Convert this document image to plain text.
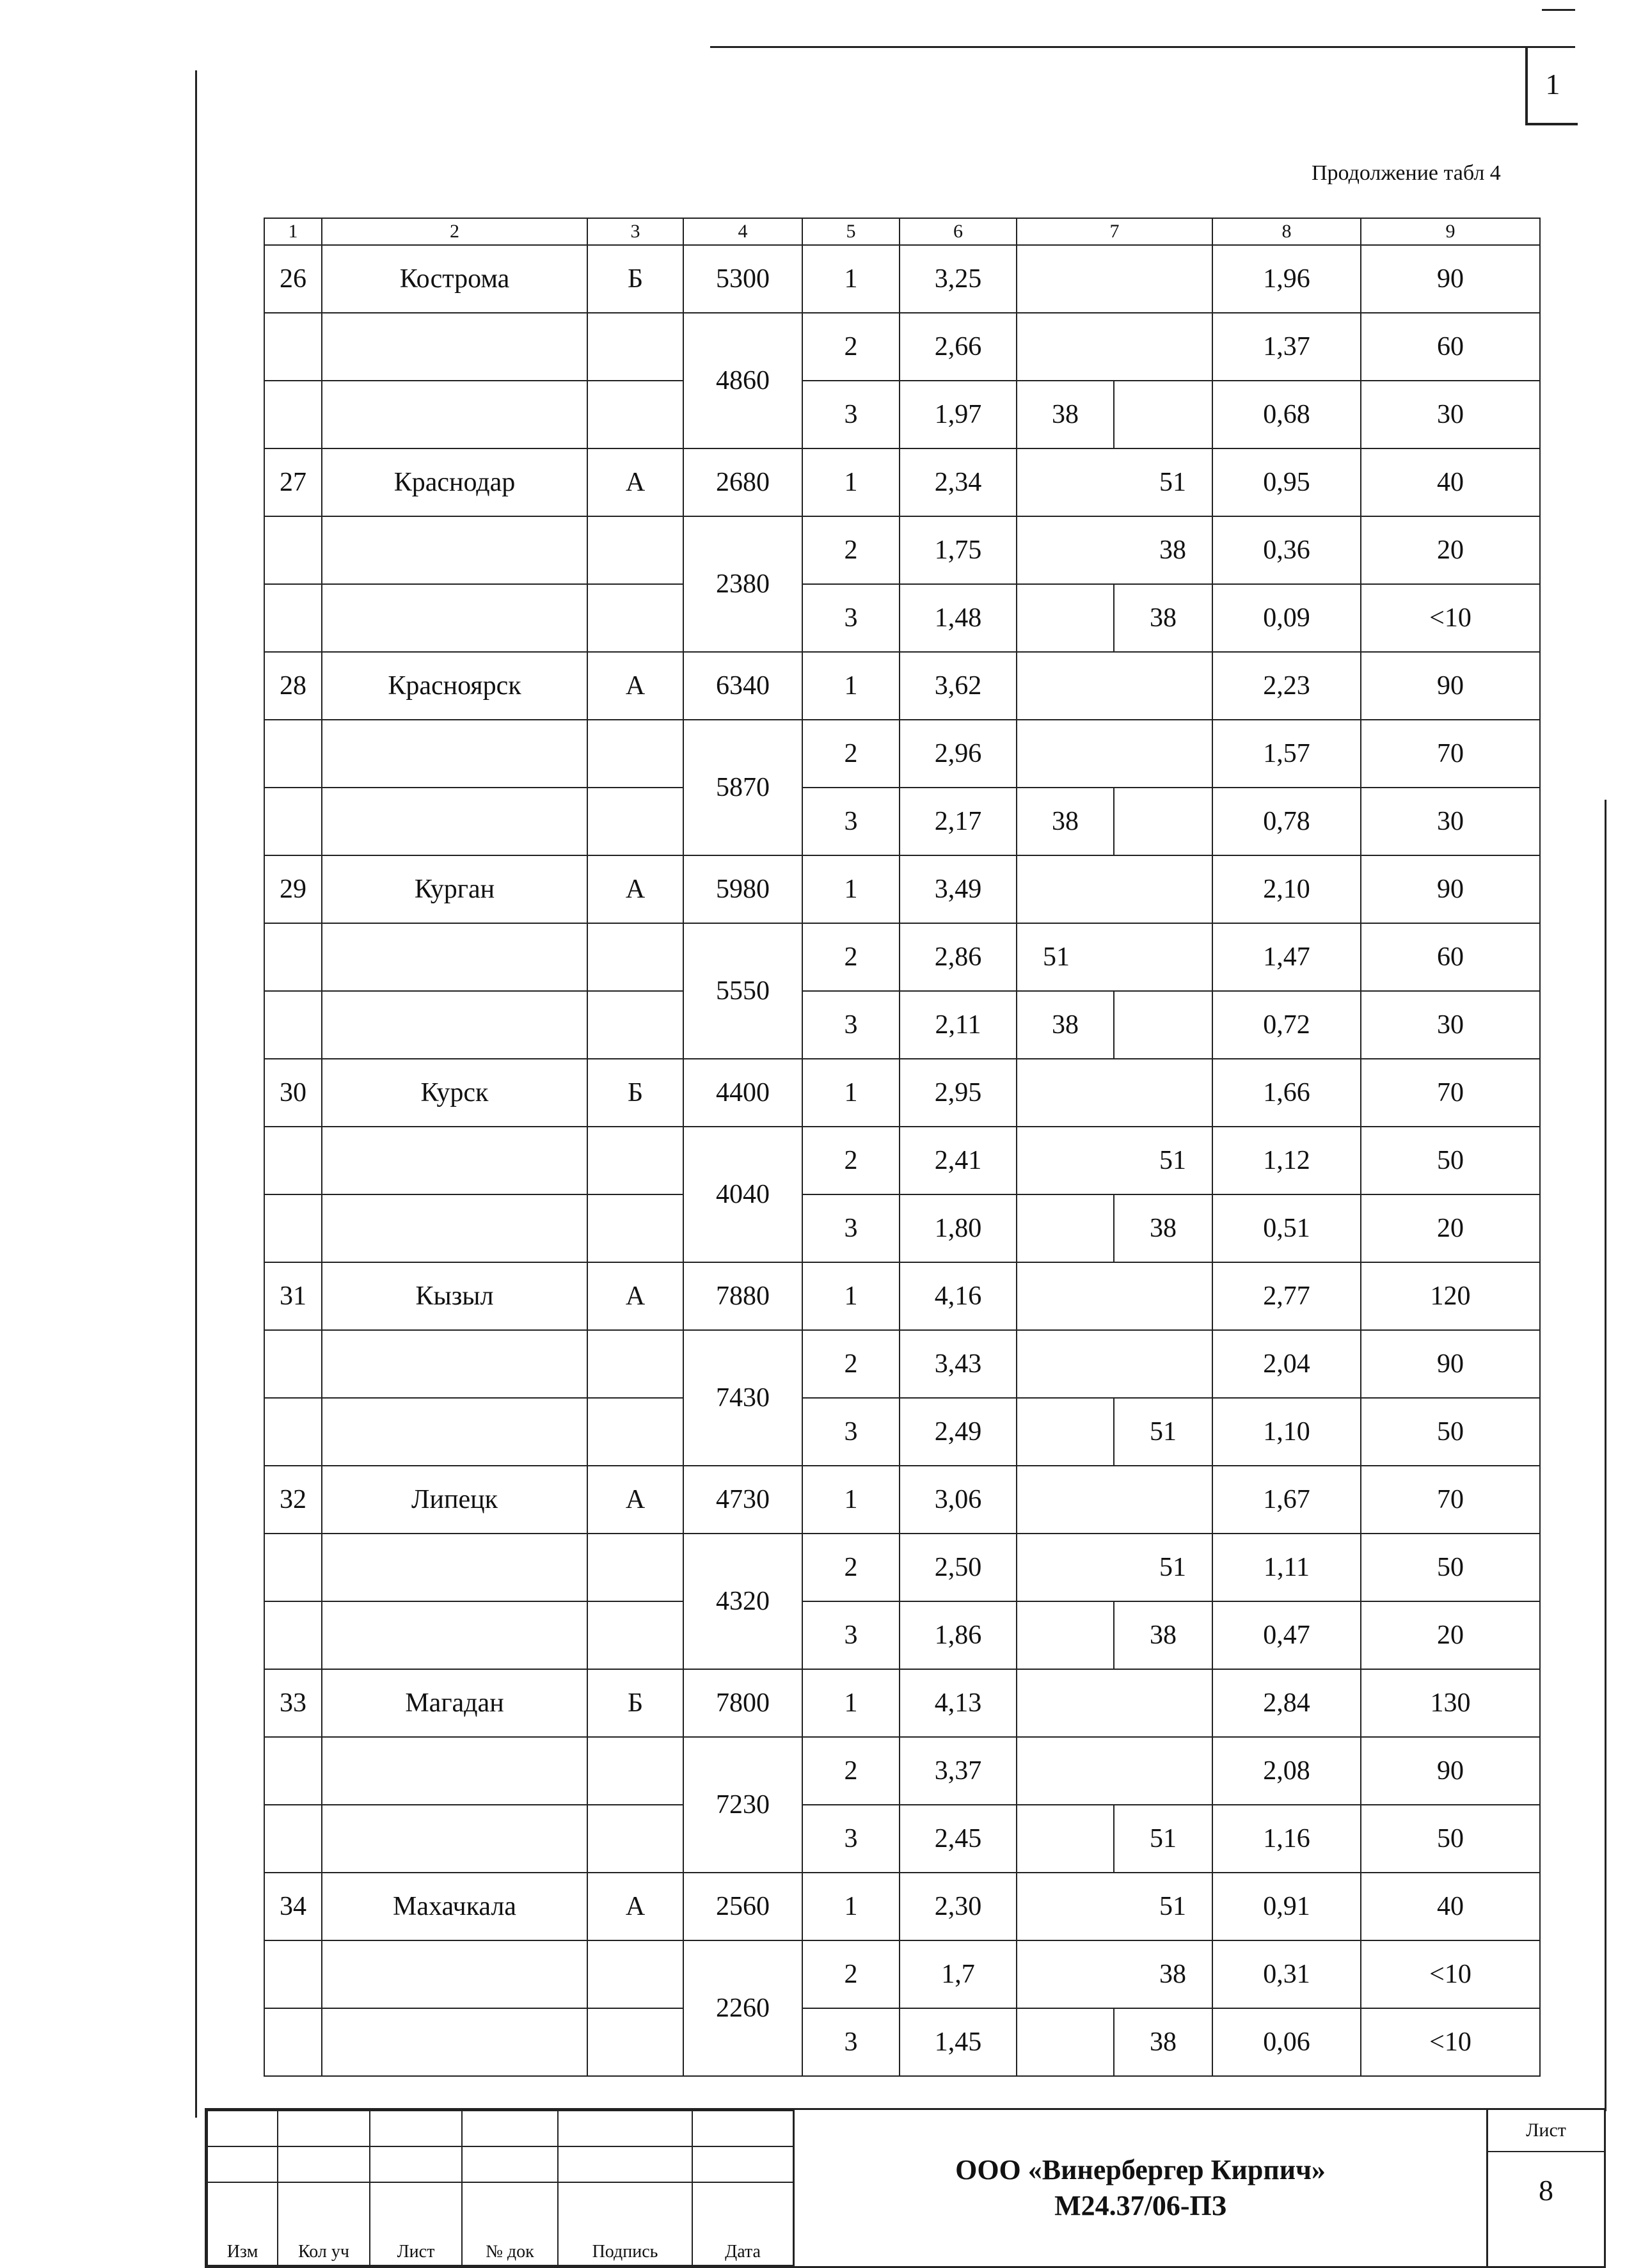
1
Продолжение табл 4
1	2	3	4	5	6	7		8	9
26	Кострома	Б	5300	1	3,25			1,96	90
			4860	2	2,66			1,37	60
				3	1,97	38		0,68	30
27	Краснодар	А	2680	1	2,34	51		0,95	40
			2380	2	1,75	38		0,36	20
				3	1,48		38	0,09	<10
28	Красноярск	А	6340	1	3,62			2,23	90
			5870	2	2,96			1,57	70
				3	2,17	38		0,78	30
29	Курган	А	5980	1	3,49			2,10	90
			5550	2	2,86	51		1,47	60
				3	2,11	38		0,72	30
30	Курск	Б	4400	1	2,95			1,66	70
			4040	2	2,41	51		1,12	50
				3	1,80		38	0,51	20
31	Кызыл	А	7880	1	4,16			2,77	120
			7430	2	3,43			2,04	90
				3	2,49		51	1,10	50
32	Липецк	А	4730	1	3,06			1,67	70
			4320	2	2,50	51		1,11	50
				3	1,86		38	0,47	20
33	Магадан	Б	7800	1	4,13			2,84	130
			7230	2	3,37			2,08	90
				3	2,45		51	1,16	50
34	Махачкала	А	2560	1	2,30	51		0,91	40
			2260	2	1,7	38		0,31	<10
				3	1,45		38	0,06	<10

Изм	Кол уч	Лист	№ док	Подпись	Дата
ООО «Винербергер Кирпич»
М24.37/06-ПЗ
Лист
8
